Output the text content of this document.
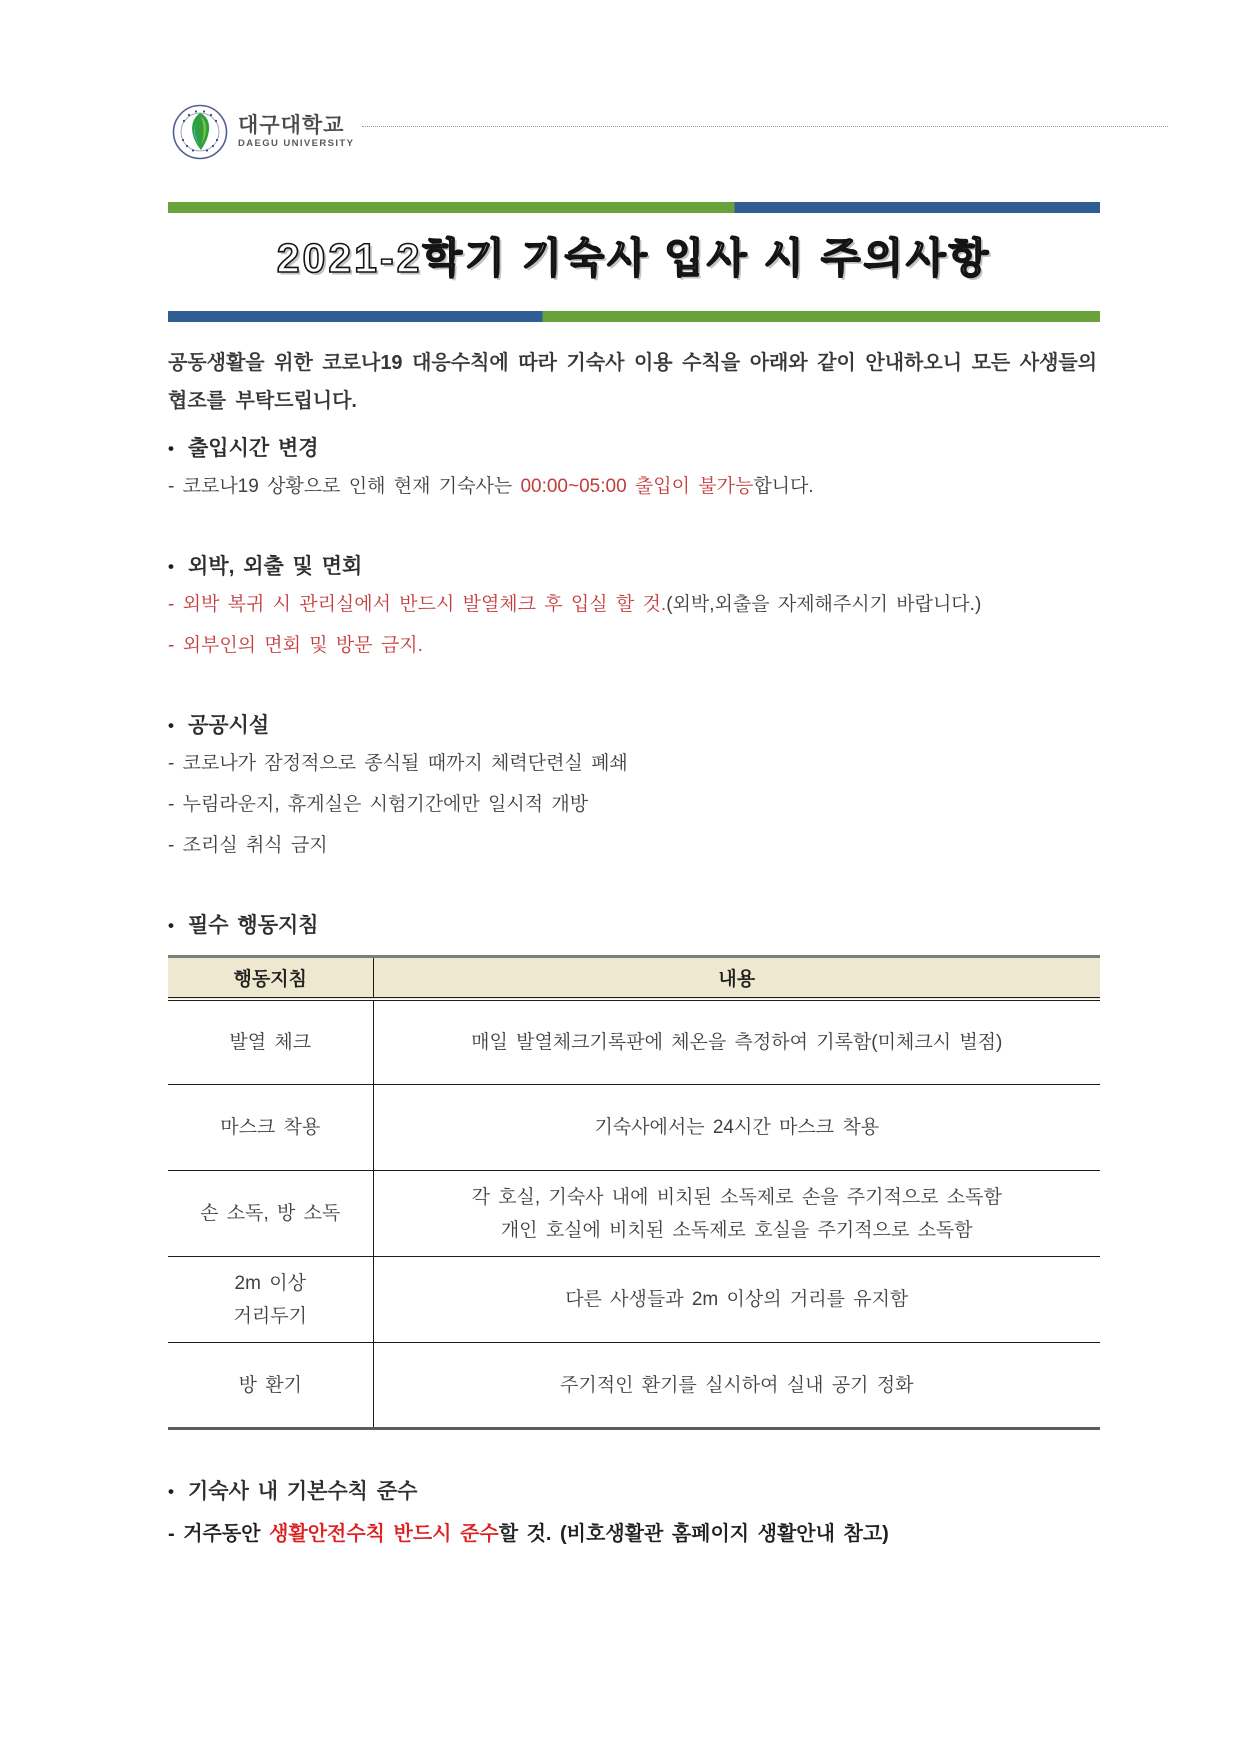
대구대학교
DAEGU UNIVERSITY
2021-2학기 기숙사 입사 시 주의사항

공동생활을 위한 코로나19 대응수칙에 따라 기숙사 이용 수칙을 아래와 같이 안내하오니 모든 사생들의 협조를 부탁드립니다.

• 출입시간 변경
- 코로나19 상황으로 인해 현재 기숙사는 00:00~05:00 출입이 불가능합니다.
• 외박, 외출 및 면회
- 외박 복귀 시 관리실에서 반드시 발열체크 후 입실 할 것.(외박,외출을 자제해주시기 바랍니다.)
- 외부인의 면회 및 방문 금지.
• 공공시설
- 코로나가 잠정적으로 종식될 때까지 체력단련실 폐쇄
- 누림라운지, 휴게실은 시험기간에만 일시적 개방
- 조리실 취식 금지
• 필수 행동지침
행동지침	내용

발열 체크	매일 발열체크기록판에 체온을 측정하여 기록함(미체크시 벌점)

마스크 착용	기숙사에서는 24시간 마스크 착용

손 소독, 방 소독	각 호실, 기숙사 내에 비치된 소독제로 손을 주기적으로 소독함
개인 호실에 비치된 소독제로 호실을 주기적으로 소독함

2m 이상
거리두기	다른 사생들과 2m 이상의 거리를 유지함

방 환기	주기적인 환기를 실시하여 실내 공기 정화
• 기숙사 내 기본수칙 준수
- 거주동안 생활안전수칙 반드시 준수할 것. (비호생활관 홈페이지 생활안내 참고)
